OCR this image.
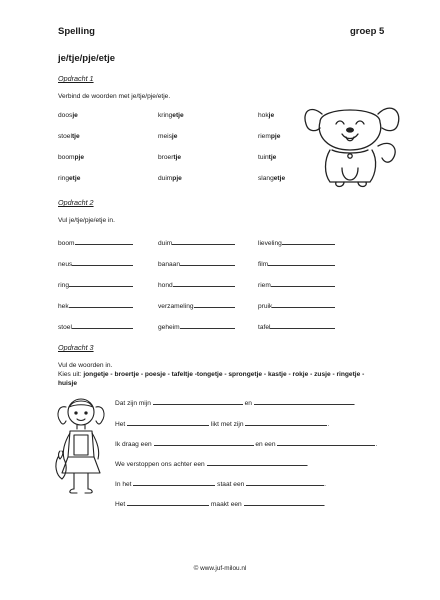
Spelling	groep 5
je/tje/pje/etje
Opdracht 1
Verbind de woorden met je/tje/pje/etje.
doosje	kringetje	hokje
stoeltje	meisje	riempje
boompje	broertje	tuintje
ringetje	duimpje	slangetje
Opdracht 2
Vul je/tje/pje/etje in.
boom	duim	lieveling
neus	banaan	film
ring	hond	riem
hek	verzameling	pruik
stoel	geheim	tafel
Opdracht 3
Vul de woorden in.
Kies uit: jongetje - broertje - poesje - tafeltje -tongetje - sprongetje - kastje - rokje - zusje - ringetje -
huisje
Dat zijn mijn	en	.
Het	likt met zijn	.
Ik draag een	en een	.
We verstoppen ons achter een	.
In het	staat een	.
Het	maakt een	.
© www.juf-milou.nl
